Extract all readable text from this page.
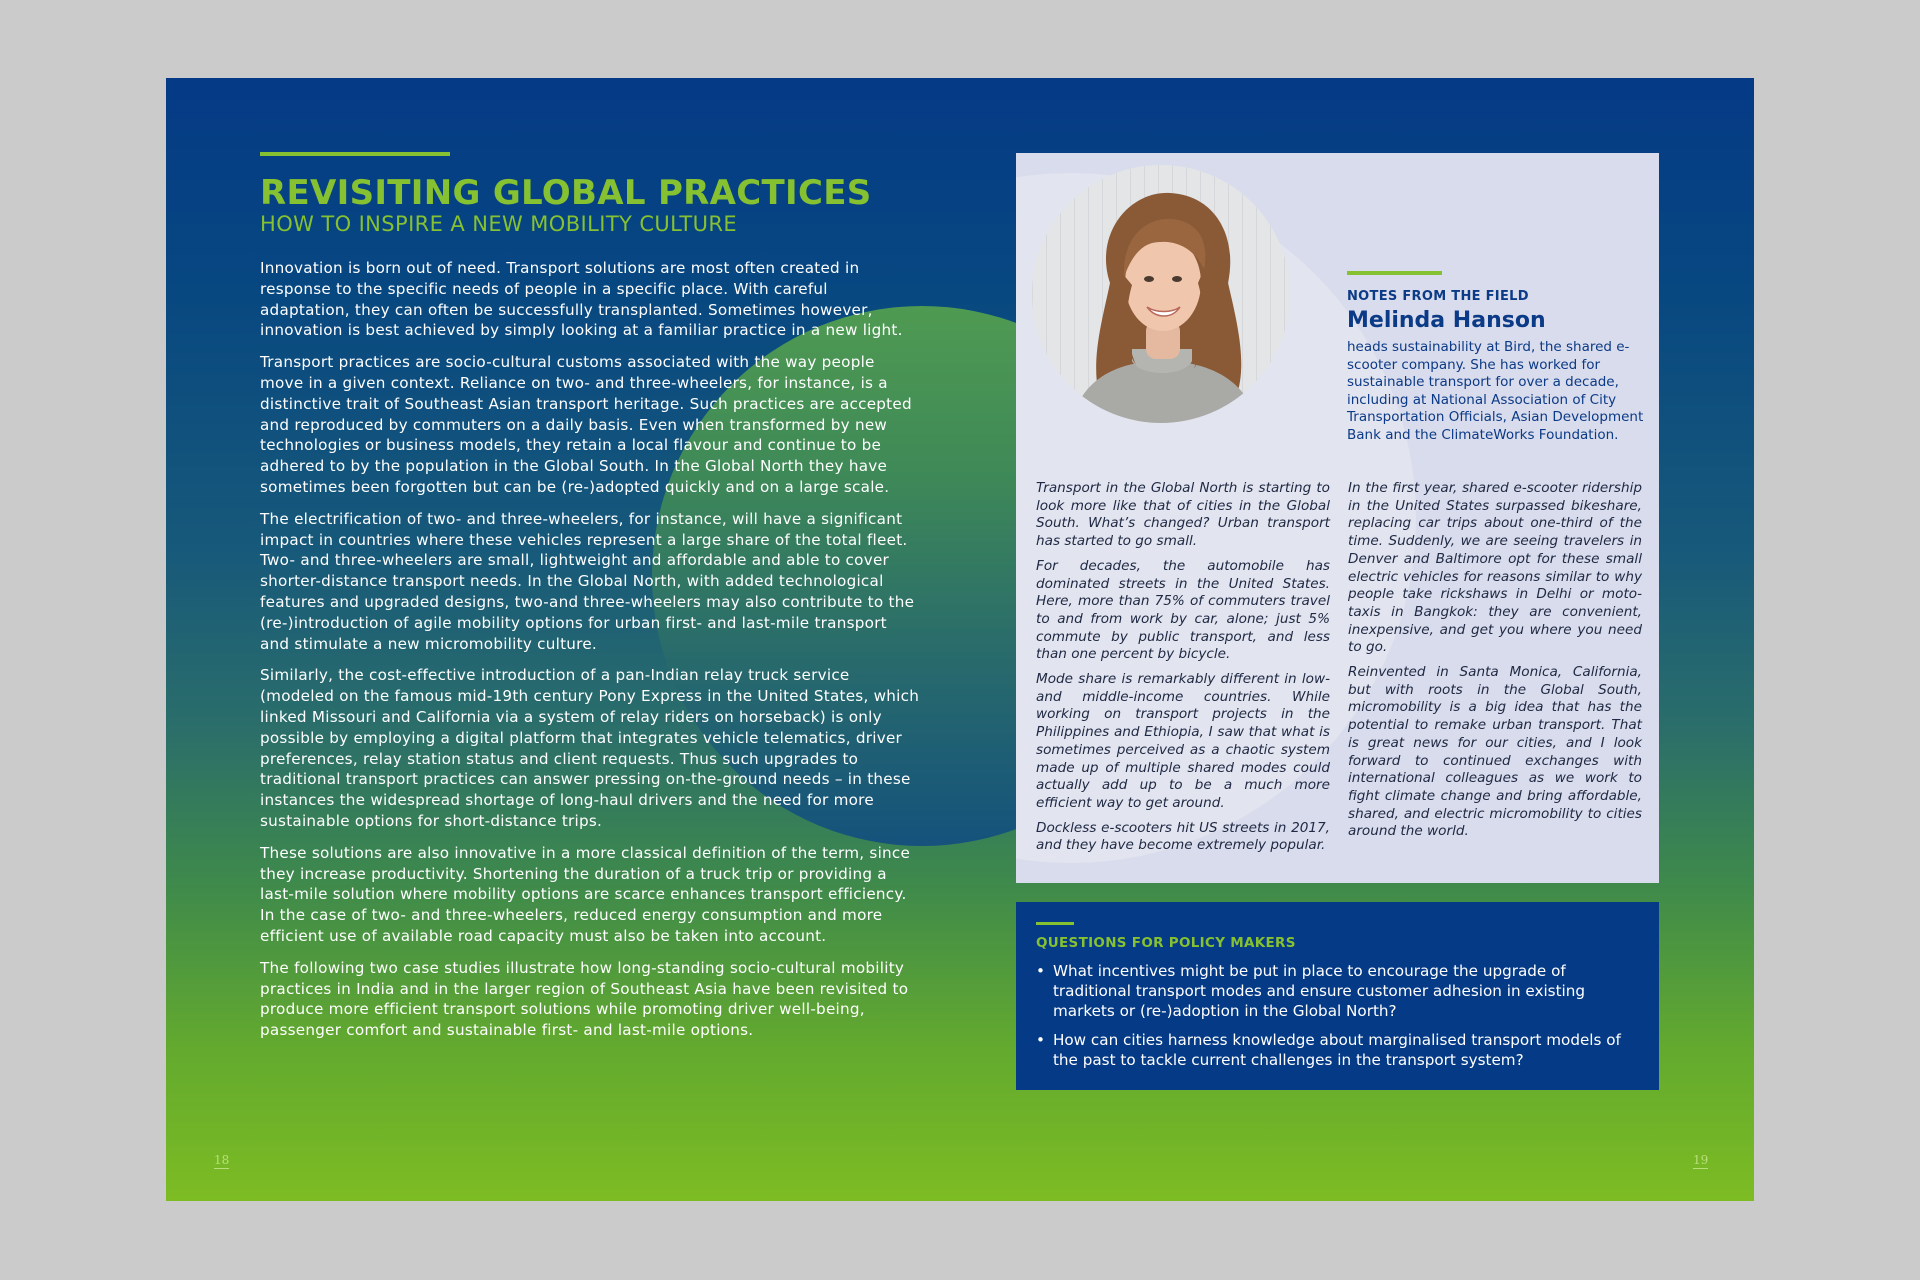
REVISITING GLOBAL PRACTICES
HOW TO INSPIRE A NEW MOBILITY CULTURE

Innovation is born out of need. Transport solutions are most often created in response to the specific needs of people in a specific place. With careful adaptation, they can often be successfully transplanted. Sometimes however, innovation is best achieved by simply looking at a familiar practice in a new light.

Transport practices are socio-cultural customs associated with the way people move in a given context. Reliance on two- and three-wheelers, for instance, is a distinctive trait of Southeast Asian transport heritage. Such practices are accepted and reproduced by commuters on a daily basis. Even when transformed by new technologies or business models, they retain a local flavour and continue to be adhered to by the population in the Global South. In the Global North they have sometimes been forgotten but can be (re-)adopted quickly and on a large scale.

The electrification of two- and three-wheelers, for instance, will have a significant impact in countries where these vehicles represent a large share of the total fleet. Two- and three-wheelers are small, lightweight and affordable and able to cover shorter-distance transport needs. In the Global North, with added technological features and upgraded designs, two-and three-wheelers may also contribute to the (re-)introduction of agile mobility options for urban first- and last-mile transport and stimulate a new micromobility culture.

Similarly, the cost-effective introduction of a pan-Indian relay truck service (modeled on the famous mid-19th century Pony Express in the United States, which linked Missouri and California via a system of relay riders on horseback) is only possible by employing a digital platform that integrates vehicle telematics, driver preferences, relay station status and client requests. Thus such upgrades to traditional transport practices can answer pressing on-the-ground needs – in these instances the widespread shortage of long-haul drivers and the need for more sustainable options for short-distance trips.

These solutions are also innovative in a more classical definition of the term, since they increase productivity. Shortening the duration of a truck trip or providing a last-mile solution where mobility options are scarce enhances transport efficiency. In the case of two- and three-wheelers, reduced energy consumption and more efficient use of available road capacity must also be taken into account.

The following two case studies illustrate how long-standing socio-cultural mobility practices in India and in the larger region of Southeast Asia have been revisited to produce more efficient transport solutions while promoting driver well-being, passenger comfort and sustainable first- and last-mile options.

18
NOTES FROM THE FIELD
Melinda Hanson
heads sustainability at Bird, the shared e-scooter company. She has worked for sustainable transport for over a decade, including at National Association of City Transportation Officials, Asian Development Bank and the ClimateWorks Foundation.

Transport in the Global North is starting to look more like that of cities in the Global South. What’s changed? Urban transport has started to go small.

For decades, the automobile has dominated streets in the United States. Here, more than 75% of commuters travel to and from work by car, alone; just 5% commute by public transport, and less than one percent by bicycle.

Mode share is remarkably different in low- and middle-income countries. While working on transport projects in the Philippines and Ethiopia, I saw that what is sometimes perceived as a chaotic system made up of multiple shared modes could actually add up to be a much more efficient way to get around.

Dockless e-scooters hit US streets in 2017, and they have become extremely popular.

In the first year, shared e-scooter ridership in the United States surpassed bikeshare, replacing car trips about one-third of the time. Suddenly, we are seeing travelers in Denver and Baltimore opt for these small electric vehicles for reasons similar to why people take rickshaws in Delhi or moto-taxis in Bangkok: they are convenient, inexpensive, and get you where you need to go.

Reinvented in Santa Monica, California, but with roots in the Global South, micromobility is a big idea that has the potential to remake urban transport. That is great news for our cities, and I look forward to continued exchanges with international colleagues as we work to fight climate change and bring affordable, shared, and electric micromobility to cities around the world.

QUESTIONS FOR POLICY MAKERS
• What incentives might be put in place to encourage the upgrade of traditional transport modes and ensure customer adhesion in existing markets or (re-)adoption in the Global North?
• How can cities harness knowledge about marginalised transport models of the past to tackle current challenges in the transport system?
19
